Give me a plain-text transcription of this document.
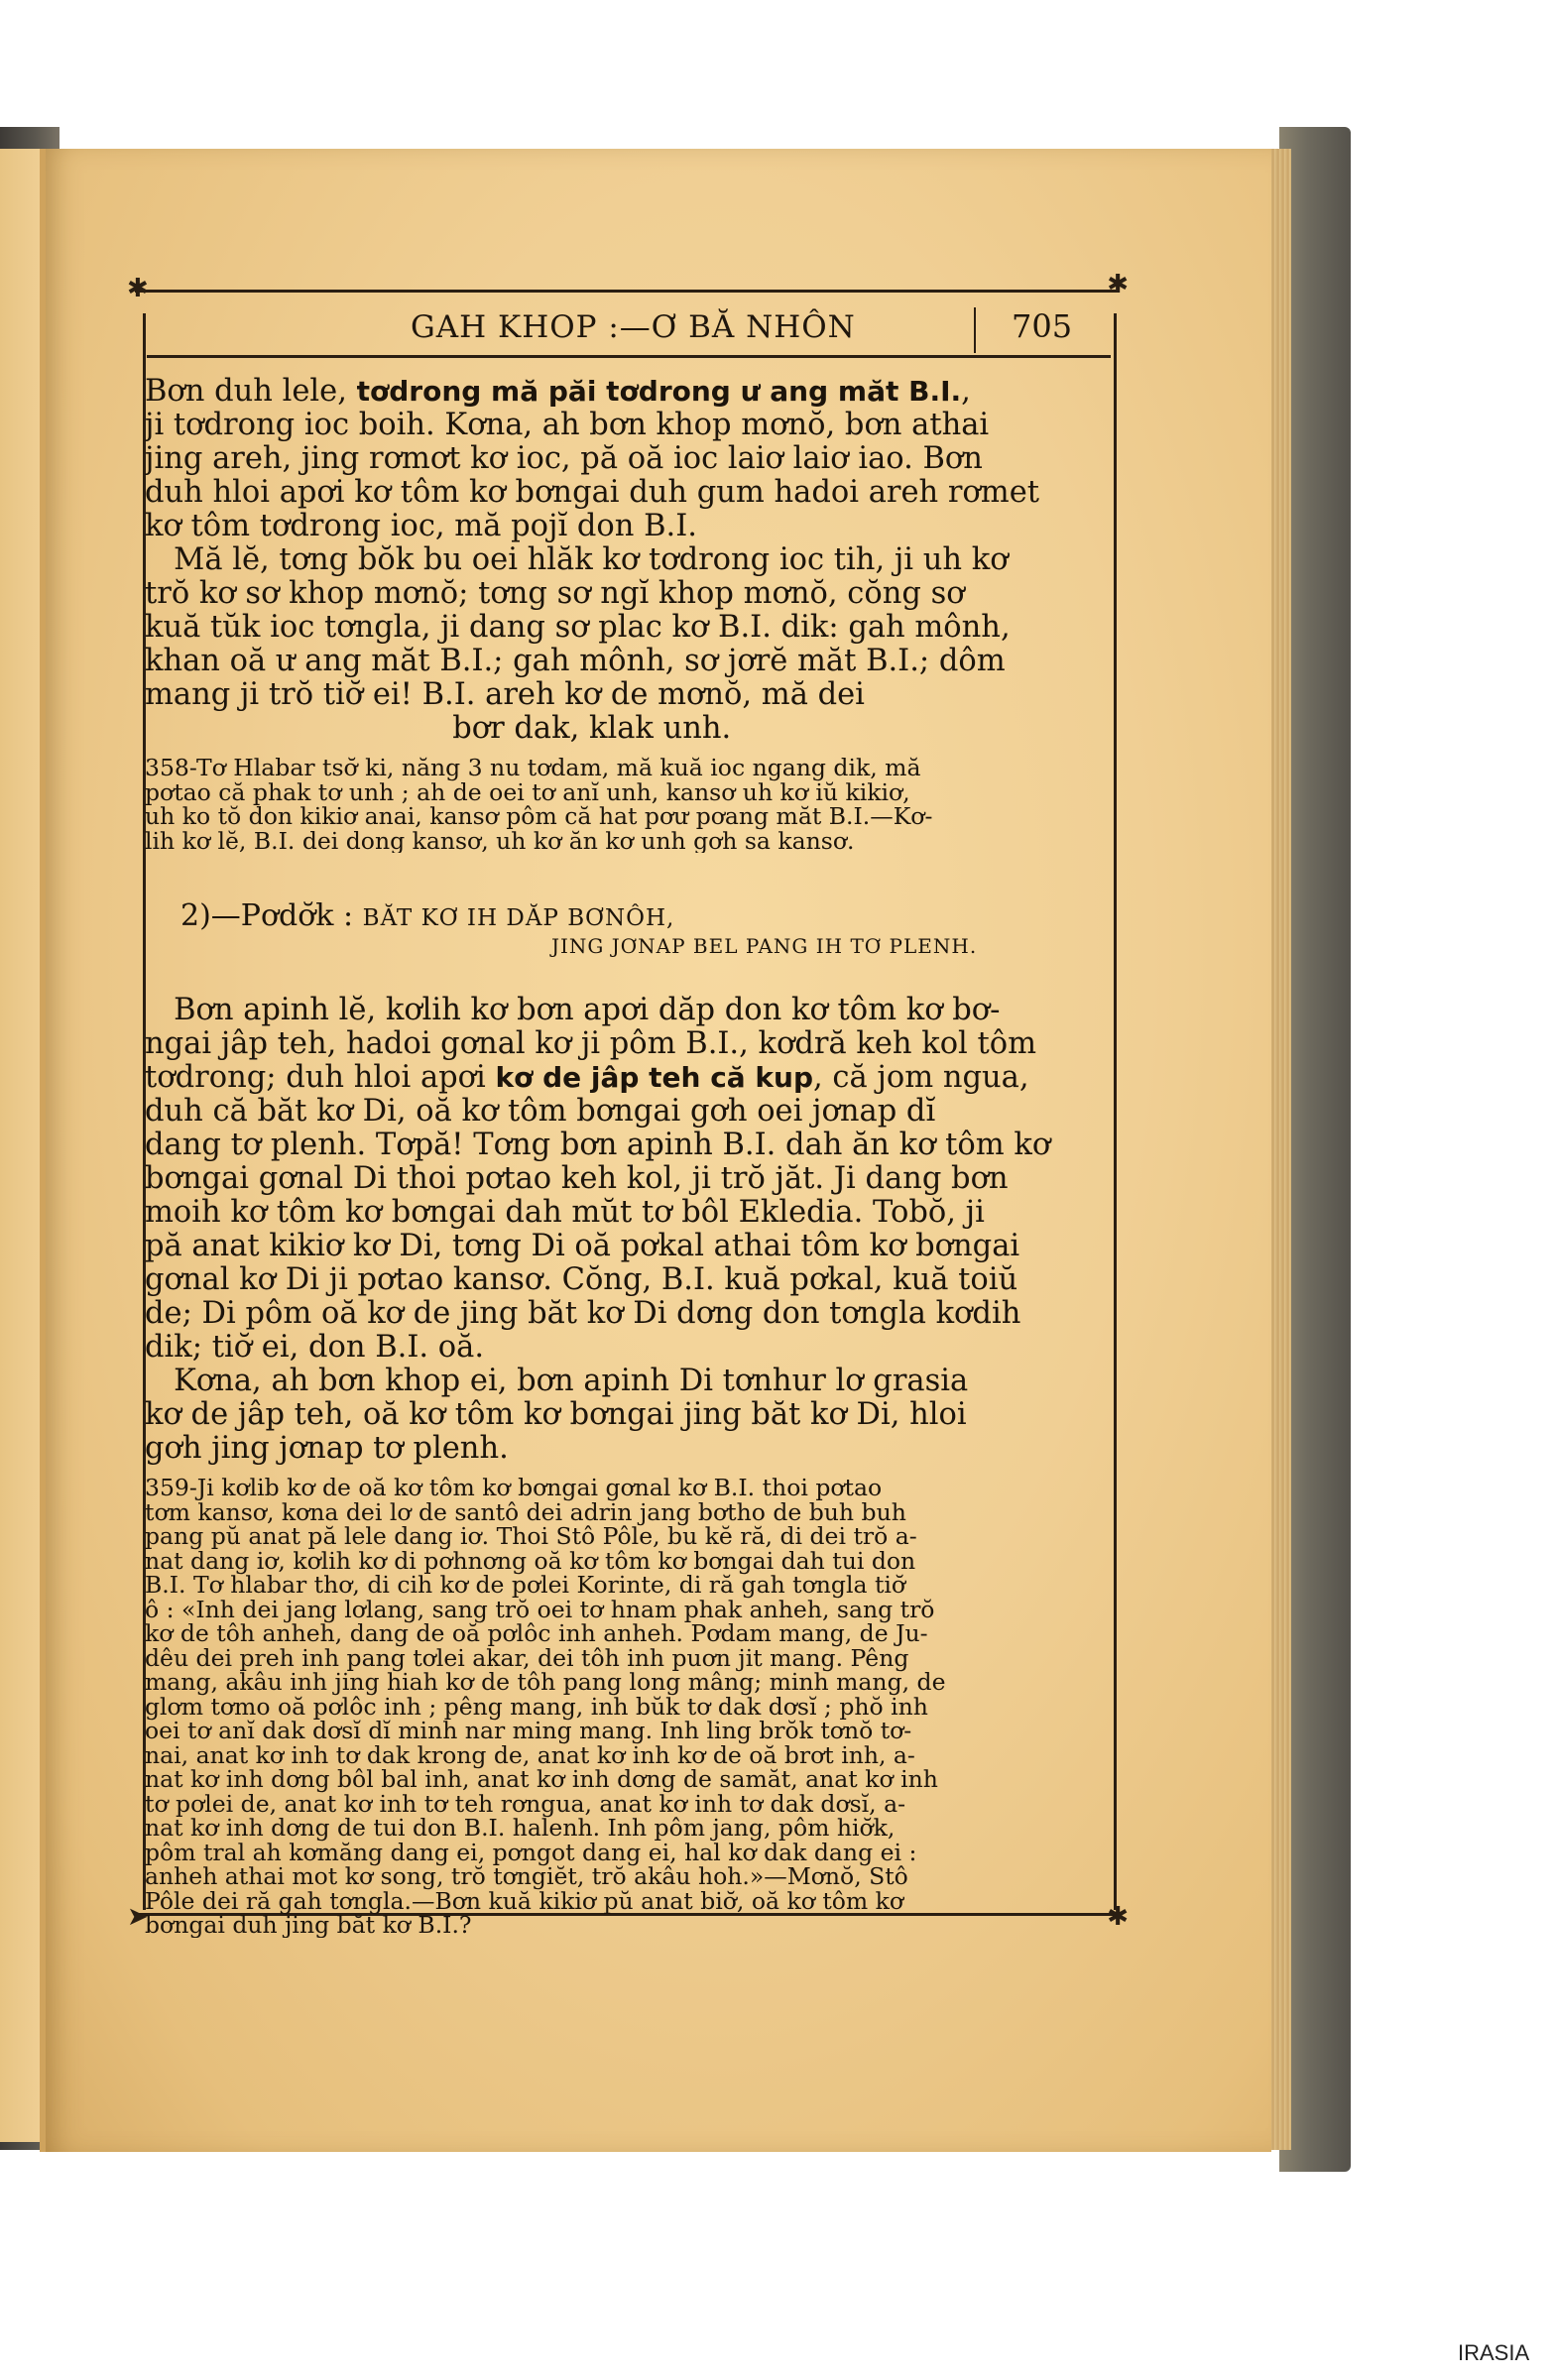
✱	✱
➤	✱
GAH KHOP :—Ơ BĂ NHÔN	705
Bơn duh lele, tơdrong mă păi tơdrong ư ang măt B.I.,
ji tơdrong ioc boih. Kơna, ah bơn khop mơnŏ, bơn athai
jing areh, jing rơmơt kơ ioc, pă oă ioc laiơ laiơ iao. Bơn
duh hloi apơi kơ tôm kơ bơngai duh gum hadoi areh rơmet
kơ tôm tơdrong ioc, mă pojĭ don B.I.
Mă lĕ, tơng bŏk bu oei hlăk kơ tơdrong ioc tih, ji uh kơ
trŏ kơ sơ khop mơnŏ; tơng sơ ngĭ khop mơnŏ, cŏng sơ
kuă tŭk ioc tơngla, ji dang sơ plac kơ B.I. dik: gah mônh,
khan oă ư ang măt B.I.; gah mônh, sơ jơrĕ măt B.I.; dôm
mang ji trŏ tiơ̆ ei! B.I. areh kơ de mơnŏ, mă dei
bơr dak, klak unh.
358-Tơ Hlabar tsơ̆ ki, năng 3 nu tơdam, mă kuă ioc ngang dik, mă
pơtao că phak tơ unh ; ah de oei tơ anĭ unh, kansơ uh kơ iŭ kikiơ,
uh ko tŏ don kikiơ anai, kansơ pôm că hat pơư pơang măt B.I.—Kơ-
lih kơ lĕ, B.I. dei dong kansơ, uh kơ ăn kơ unh gơh sa kansơ.
2)—Pơdơ̆k : BĂT KƠ IH DĂP BƠNÔH,
JING JƠNAP BEL PANG IH TƠ PLENH.
Bơn apinh lĕ, kơlih kơ bơn apơi dăp don kơ tôm kơ bơ-
ngai jâp teh, hadoi gơnal kơ ji pôm B.I., kơdră keh kol tôm
tơdrong; duh hloi apơi kơ de jâp teh că kup, că jom ngua,
duh că băt kơ Di, oă kơ tôm bơngai gơh oei jơnap dĭ
dang tơ plenh. Tơpă! Tơng bơn apinh B.I. dah ăn kơ tôm kơ
bơngai gơnal Di thoi pơtao keh kol, ji trŏ jăt. Ji dang bơn
moih kơ tôm kơ bơngai dah mŭt tơ bôl Ekledia. Tobŏ, ji
pă anat kikiơ kơ Di, tơng Di oă pơkal athai tôm kơ bơngai
gơnal kơ Di ji pơtao kansơ. Cŏng, B.I. kuă pơkal, kuă toiŭ
de; Di pôm oă kơ de jing băt kơ Di dơng don tơngla kơdih
dik; tiơ̆ ei, don B.I. oă.
Kơna, ah bơn khop ei, bơn apinh Di tơnhur lơ grasia
kơ de jâp teh, oă kơ tôm kơ bơngai jing băt kơ Di, hloi
gơh jing jơnap tơ plenh.
359-Ji kơlib kơ de oă kơ tôm kơ bơngai gơnal kơ B.I. thoi pơtao
tơm kansơ, kơna dei lơ de santô dei adrin jang bơtho de buh buh
pang pŭ anat pă lele dang iơ. Thoi Stô Pôle, bu kĕ ră, di dei trŏ a-
nat dang iơ, kơlih kơ di pơhnơng oă kơ tôm kơ bơngai dah tui don
B.I. Tơ hlabar thơ, di cih kơ de pơlei Korinte, di ră gah tơngla tiơ̆
ô : «Inh dei jang lơlang, sang trŏ oei tơ hnam phak anheh, sang trŏ
kơ de tôh anheh, dang de oă pơlôc inh anheh. Pơdam mang, de Ju-
dêu dei preh inh pang tơlei akar, dei tôh inh puơn jit mang. Pêng
mang, akâu inh jing hiah kơ de tôh pang long mâng; minh mang, de
glơm tơmo oă pơlôc inh ; pêng mang, inh bŭk tơ dak dơsĭ ; phŏ inh
oei tơ anĭ dak dơsĭ dĭ minh nar ming mang. Inh ling brŏk tơnŏ tơ-
nai, anat kơ inh tơ dak krong de, anat kơ inh kơ de oă brơt inh, a-
nat kơ inh dơng bôl bal inh, anat kơ inh dơng de samăt, anat kơ inh
tơ pơlei de, anat kơ inh tơ teh rơngua, anat kơ inh tơ dak dơsĭ, a-
nat kơ inh dơng de tui don B.I. halenh. Inh pôm jang, pôm hiơ̆k,
pôm tral ah kơmăng dang ei, pơngot dang ei, hal kơ dak dang ei :
anheh athai mot kơ song, trŏ tơngiĕt, trŏ akâu hoh.»—Mơnŏ, Stô
Pôle dei ră gah tơngla.—Bơn kuă kikiơ pŭ anat biơ̆, oă kơ tôm kơ
bơngai duh jing băt kơ B.I.?
IRASIA
